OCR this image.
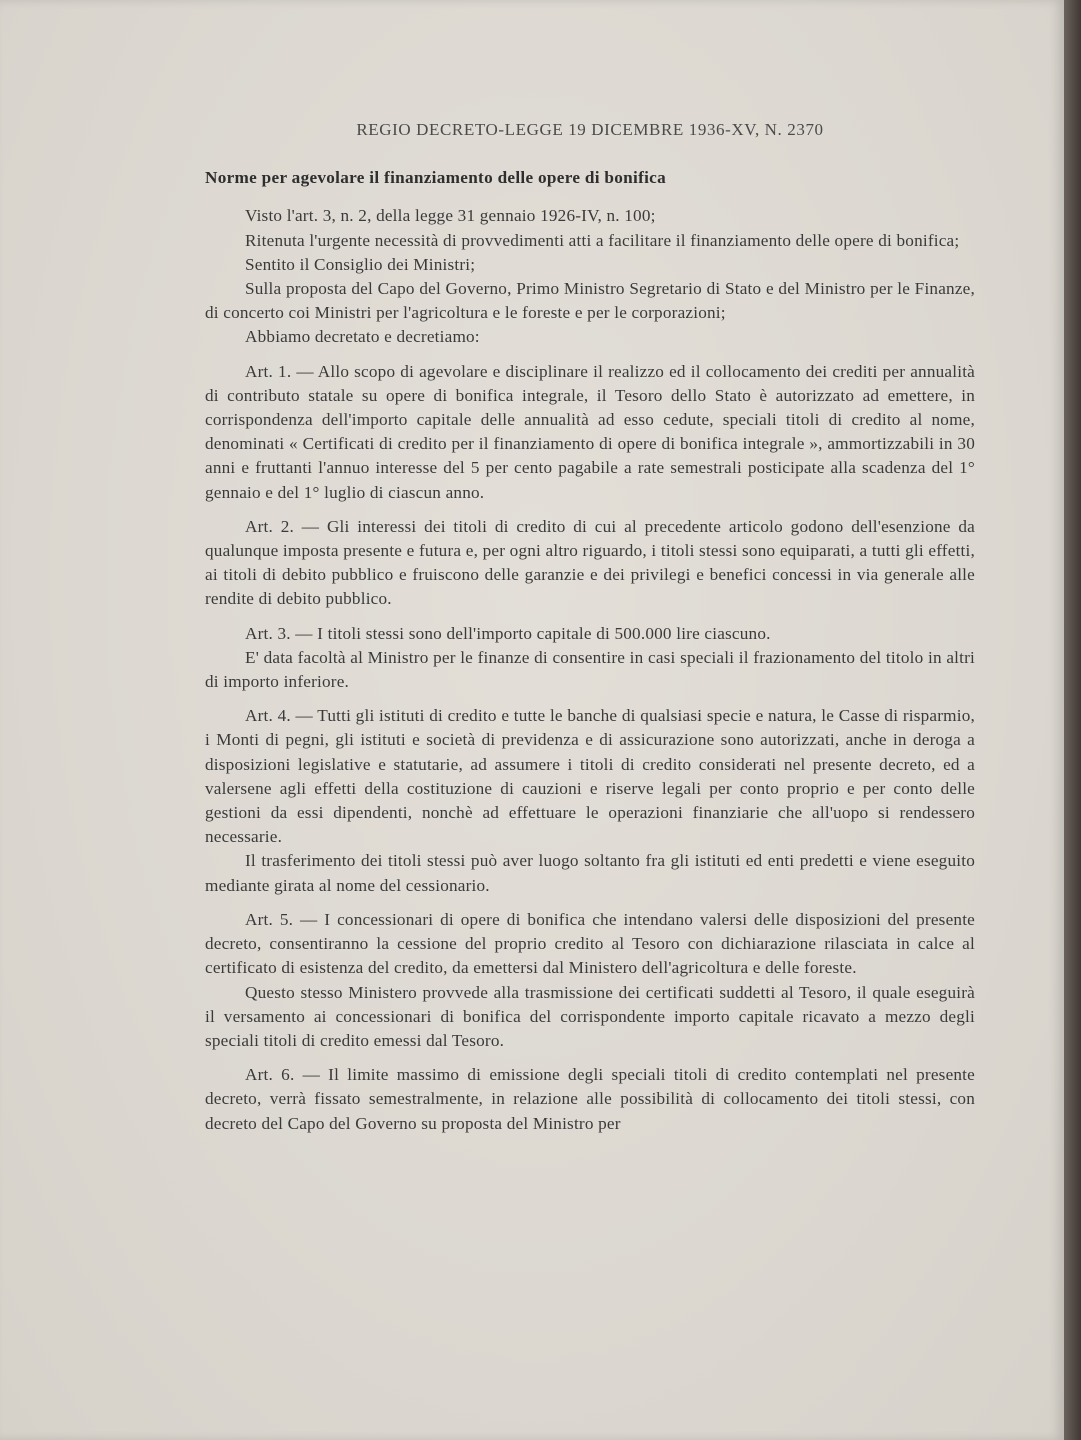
REGIO DECRETO-LEGGE 19 DICEMBRE 1936-XV, N. 2370
Norme per agevolare il finanziamento delle opere di bonifica

Visto l'art. 3, n. 2, della legge 31 gennaio 1926-IV, n. 100;

Ritenuta l'urgente necessità di provvedimenti atti a facilitare il finanziamento delle opere di bonifica;

Sentito il Consiglio dei Ministri;

Sulla proposta del Capo del Governo, Primo Ministro Segretario di Stato e del Ministro per le Finanze, di concerto coi Ministri per l'agricoltura e le foreste e per le corporazioni;

Abbiamo decretato e decretiamo:

Art. 1. — Allo scopo di agevolare e disciplinare il realizzo ed il collocamento dei crediti per annualità di contributo statale su opere di bonifica integrale, il Tesoro dello Stato è autorizzato ad emettere, in corrispondenza dell'importo capitale delle annualità ad esso cedute, speciali titoli di credito al nome, denominati « Certificati di credito per il finanziamento di opere di bonifica integrale », ammortizzabili in 30 anni e fruttanti l'annuo interesse del 5 per cento pagabile a rate semestrali posticipate alla scadenza del 1° gennaio e del 1° luglio di ciascun anno.

Art. 2. — Gli interessi dei titoli di credito di cui al precedente articolo godono dell'esenzione da qualunque imposta presente e futura e, per ogni altro riguardo, i titoli stessi sono equiparati, a tutti gli effetti, ai titoli di debito pubblico e fruiscono delle garanzie e dei privilegi e benefici concessi in via generale alle rendite di debito pubblico.

Art. 3. — I titoli stessi sono dell'importo capitale di 500.000 lire ciascuno.

E' data facoltà al Ministro per le finanze di consentire in casi speciali il frazionamento del titolo in altri di importo inferiore.

Art. 4. — Tutti gli istituti di credito e tutte le banche di qualsiasi specie e natura, le Casse di risparmio, i Monti di pegni, gli istituti e società di previdenza e di assicurazione sono autorizzati, anche in deroga a disposizioni legislative e statutarie, ad assumere i titoli di credito considerati nel presente decreto, ed a valersene agli effetti della costituzione di cauzioni e riserve legali per conto proprio e per conto delle gestioni da essi dipendenti, nonchè ad effettuare le operazioni finanziarie che all'uopo si rendessero necessarie.

Il trasferimento dei titoli stessi può aver luogo soltanto fra gli istituti ed enti predetti e viene eseguito mediante girata al nome del cessionario.

Art. 5. — I concessionari di opere di bonifica che intendano valersi delle disposizioni del presente decreto, consentiranno la cessione del proprio credito al Tesoro con dichiarazione rilasciata in calce al certificato di esistenza del credito, da emettersi dal Ministero dell'agricoltura e delle foreste.

Questo stesso Ministero provvede alla trasmissione dei certificati suddetti al Tesoro, il quale eseguirà il versamento ai concessionari di bonifica del corrispondente importo capitale ricavato a mezzo degli speciali titoli di credito emessi dal Tesoro.

Art. 6. — Il limite massimo di emissione degli speciali titoli di credito contemplati nel presente decreto, verrà fissato semestralmente, in relazione alle possibilità di collocamento dei titoli stessi, con decreto del Capo del Governo su proposta del Ministro per
